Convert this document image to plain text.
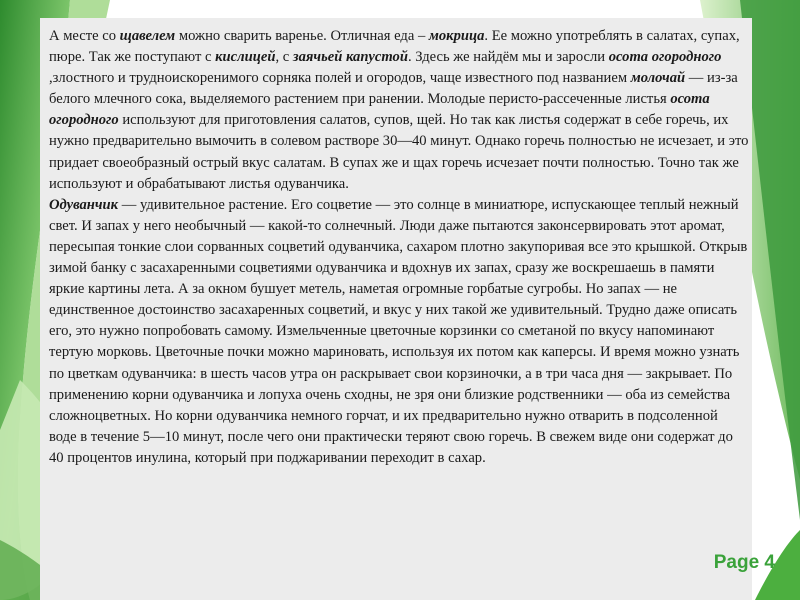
А месте со щавелем можно сварить варенье. Отличная еда – мокрица. Ее можно употреблять в салатах, супах, пюре. Так же поступают с кислицей, с заячьей капустой. Здесь же найдём мы и заросли осота огородного ,злостного и трудноискоренимого сорняка полей и огородов, чаще известного под названием молочай — из-за белого млечного сока, выделяемого растением при ранении. Молодые перисто-рассеченные листья осота огородного используют для приготовления салатов, супов, щей. Но так как листья содержат в себе горечь, их нужно предварительно вымочить в солевом растворе 30—40 минут. Однако горечь полностью не исчезает, и это придает своеобразный острый вкус салатам. В супах же и щах горечь исчезает почти полностью. Точно так же используют и обрабатывают листья одуванчика.
Одуванчик — удивительное растение. Его соцветие — это солнце в миниатюре, испускающее теплый нежный свет. И запах у него необычный — какой-то солнечный. Люди даже пытаются законсервировать этот аромат, пересыпая тонкие слои сорванных соцветий одуванчика, сахаром плотно закупоривая все это крышкой. Открыв зимой банку с засахаренными соцветиями одуванчика и вдохнув их запах, сразу же воскрешаешь в памяти яркие картины лета. А за окном бушует метель, наметая огромные горбатые сугробы. Но запах — не единственное достоинство засахаренных соцветий, и вкус у них такой же удивительный. Трудно даже описать его, это нужно попробовать самому. Измельченные цветочные корзинки со сметаной по вкусу напоминают тертую морковь. Цветочные почки можно мариновать, используя их потом как каперсы. И время можно узнать по цветкам одуванчика: в шесть часов утра он раскрывает свои корзиночки, а в три часа дня — закрывает. По применению корни одуванчика и лопуха очень сходны, не зря они близкие родственники — оба из семейства сложноцветных. Но корни одуванчика немного горчат, и их предварительно нужно отварить в подсоленной воде в течение 5—10 минут, после чего они практически теряют свою горечь. В свежем виде они содержат до 40 процентов инулина, который при поджаривании переходит в сахар.
Page 4
